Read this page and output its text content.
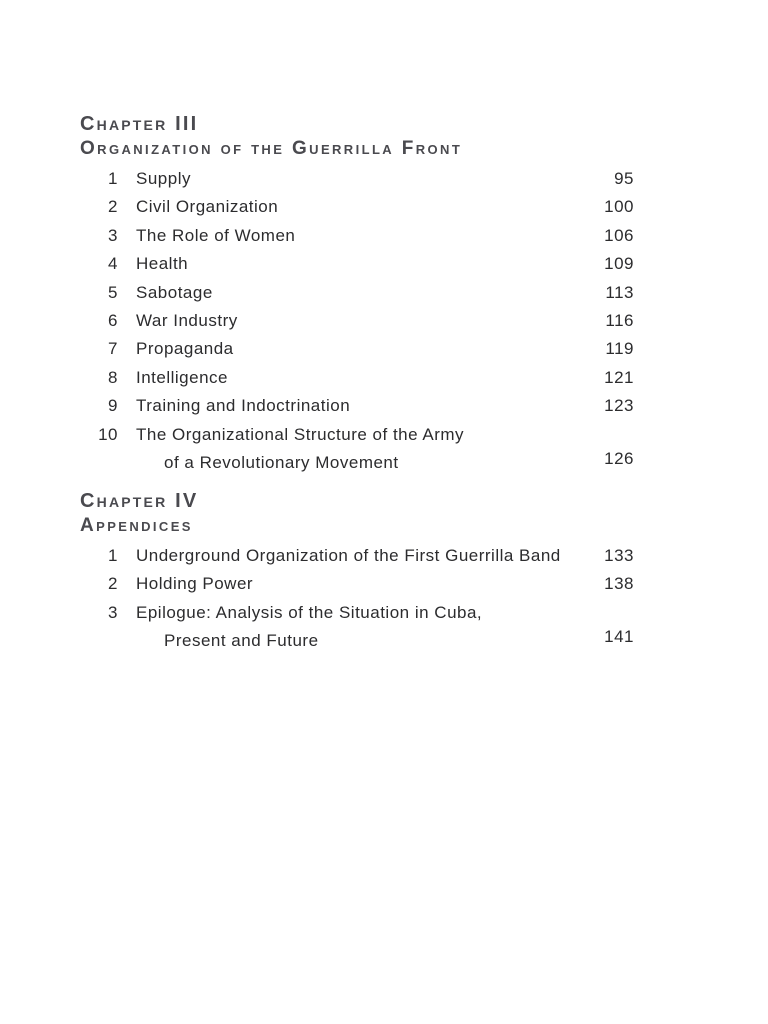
Chapter III
Organization of the Guerrilla Front
1 Supply	95
2 Civil Organization	100
3 The Role of Women	106
4 Health	109
5 Sabotage	113
6 War Industry	116
7 Propaganda	119
8 Intelligence	121
9 Training and Indoctrination	123
10 The Organizational Structure of the Army
of a Revolutionary Movement	126
Chapter IV
Appendices
1 Underground Organization of the First Guerrilla Band	133
2 Holding Power	138
3 Epilogue: Analysis of the Situation in Cuba,
Present and Future	141
